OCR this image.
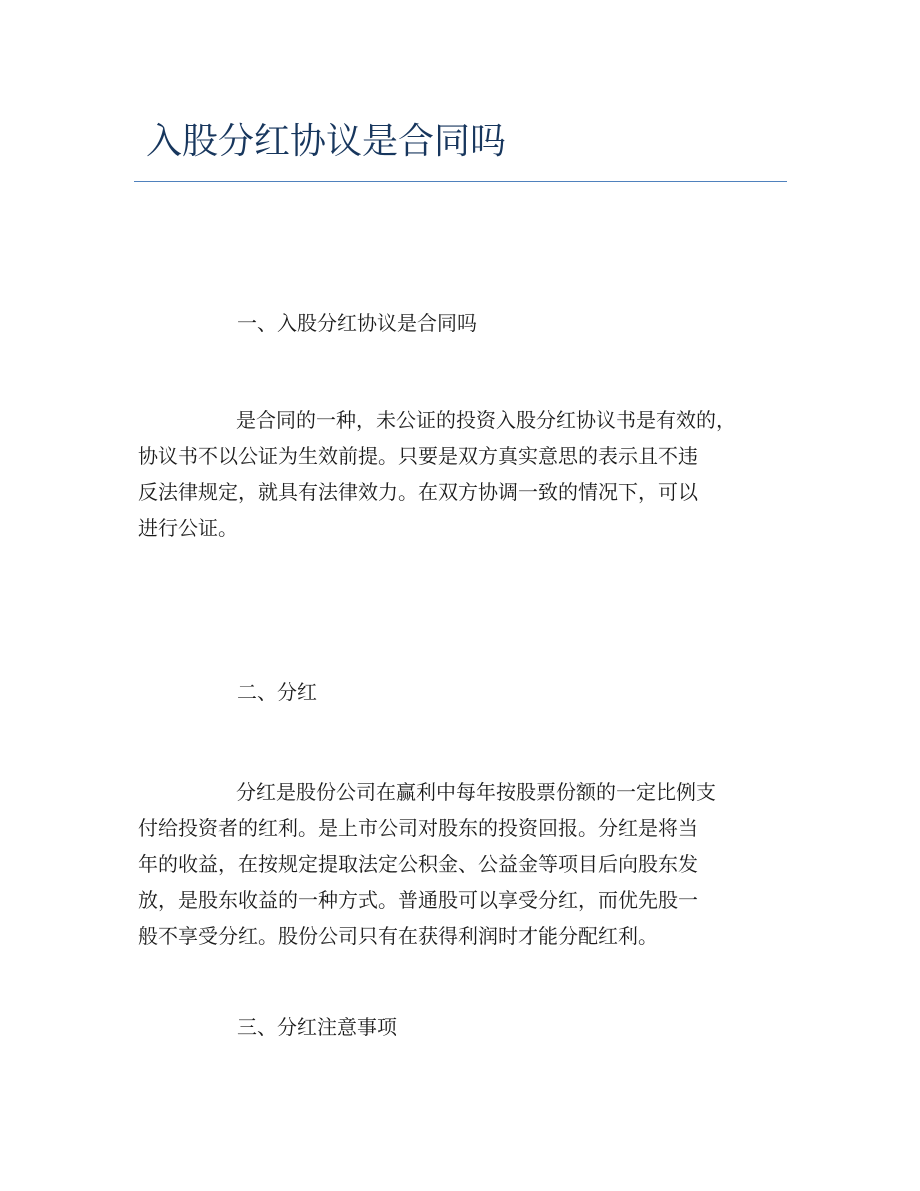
入股分红协议是合同吗
一、入股分红协议是合同吗
是合同的一种，未公证的投资入股分红协议书是有效的，
协议书不以公证为生效前提。只要是双方真实意思的表示且不违
反法律规定，就具有法律效力。在双方协调一致的情况下，可以
进行公证。
二、分红
分红是股份公司在赢利中每年按股票份额的一定比例支
付给投资者的红利。是上市公司对股东的投资回报。分红是将当
年的收益，在按规定提取法定公积金、公益金等项目后向股东发
放，是股东收益的一种方式。普通股可以享受分红，而优先股一
般不享受分红。股份公司只有在获得利润时才能分配红利。
三、分红注意事项
